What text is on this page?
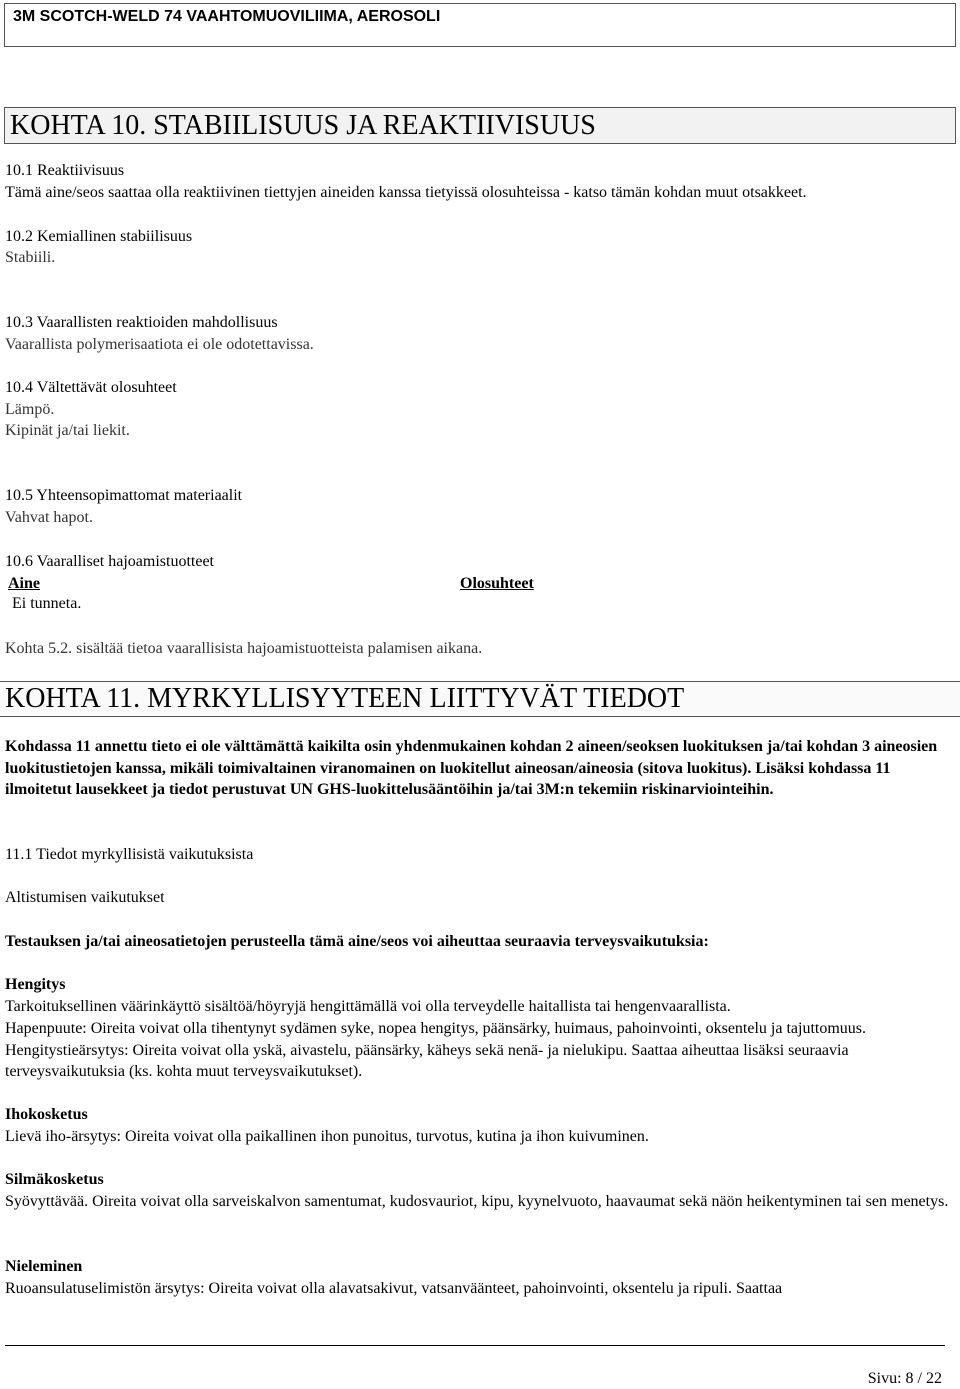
3M SCOTCH-WELD 74 VAAHTOMUOVILIIMA, AEROSOLI
KOHTA 10. STABIILISUUS JA REAKTIIVISUUS
10.1 Reaktiivisuus
Tämä aine/seos saattaa olla reaktiivinen tiettyjen aineiden kanssa tietyissä olosuhteissa - katso tämän kohdan muut otsakkeet.
10.2 Kemiallinen stabiilisuus
Stabiili.
10.3 Vaarallisten reaktioiden mahdollisuus
Vaarallista polymerisaatiota ei ole odotettavissa.
10.4 Vältettävät olosuhteet
Lämpö.
Kipinät ja/tai liekit.
10.5 Yhteensopimattomat materiaalit
Vahvat hapot.
10.6 Vaaralliset hajoamistuotteet
Aine	Olosuhteet
Ei tunneta.
Kohta 5.2. sisältää tietoa vaarallisista hajoamistuotteista palamisen aikana.
KOHTA 11. MYRKYLLISYYTEEN LIITTYVÄT TIEDOT
Kohdassa 11 annettu tieto ei ole välttämättä kaikilta osin yhdenmukainen kohdan 2 aineen/seoksen luokituksen ja/tai kohdan 3 aineosien luokitustietojen kanssa, mikäli toimivaltainen viranomainen on luokitellut aineosan/aineosia (sitova luokitus). Lisäksi kohdassa 11 ilmoitetut lausekkeet ja tiedot perustuvat UN GHS-luokittelusääntöihin ja/tai 3M:n tekemiin riskinarviointeihin.
11.1 Tiedot myrkyllisistä vaikutuksista
Altistumisen vaikutukset
Testauksen ja/tai aineosatietojen perusteella tämä aine/seos voi aiheuttaa seuraavia terveysvaikutuksia:
Hengitys
Tarkoituksellinen väärinkäyttö sisältöä/höyryjä hengittämällä voi olla terveydelle haitallista tai hengenvaarallista.
Hapenpuute: Oireita voivat olla tihentynyt sydämen syke, nopea hengitys, päänsärky, huimaus, pahoinvointi, oksentelu ja tajuttomuus. Hengitystieärsytys: Oireita voivat olla yskä, aivastelu, päänsärky, käheys sekä nenä- ja nielukipu. Saattaa aiheuttaa lisäksi seuraavia terveysvaikutuksia (ks. kohta muut terveysvaikutukset).
Ihokosketus
Lievä iho-ärsytys: Oireita voivat olla paikallinen ihon punoitus, turvotus, kutina ja ihon kuivuminen.
Silmäkosketus
Syövyttävää. Oireita voivat olla sarveiskalvon samentumat, kudosvauriot, kipu, kyynelvuoto, haavaumat sekä näön heikentyminen tai sen menetys.
Nieleminen
Ruoansulatuselimistön ärsytys: Oireita voivat olla alavatsakivut, vatsanväänteet, pahoinvointi, oksentelu ja ripuli. Saattaa
Sivu: 8 / 22
